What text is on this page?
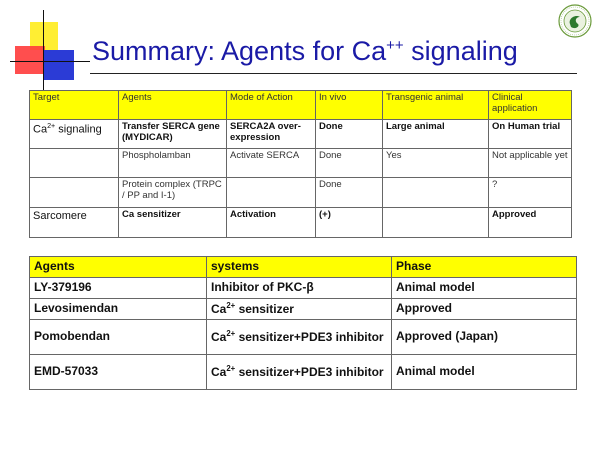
Summary: Agents for Ca++ signaling
Target	Agents	Mode of Action	In vivo	Transgenic animal	Clinical application
$Ca^{2+}$ signaling	Transfer SERCA gene (MYDICAR)	SERCA2A over-expression	Done	Large animal	On Human trial
	Phospholamban	Activate SERCA	Done	Yes	Not applicable yet
	Protein complex (TRPC / PP and I-1)		Done		?
Sarcomere	Ca sensitizer	Activation	(+)		Approved
Agents	systems	Phase
LY-379196	Inhibitor of PKC-β	Animal model
Levosimendan	$Ca^{2+}$ sensitizer	Approved
Pomobendan	$Ca^{2+}$ sensitizer+PDE3 inhibitor	Approved (Japan)
EMD-57033	$Ca^{2+}$ sensitizer+PDE3 inhibitor	Animal model
